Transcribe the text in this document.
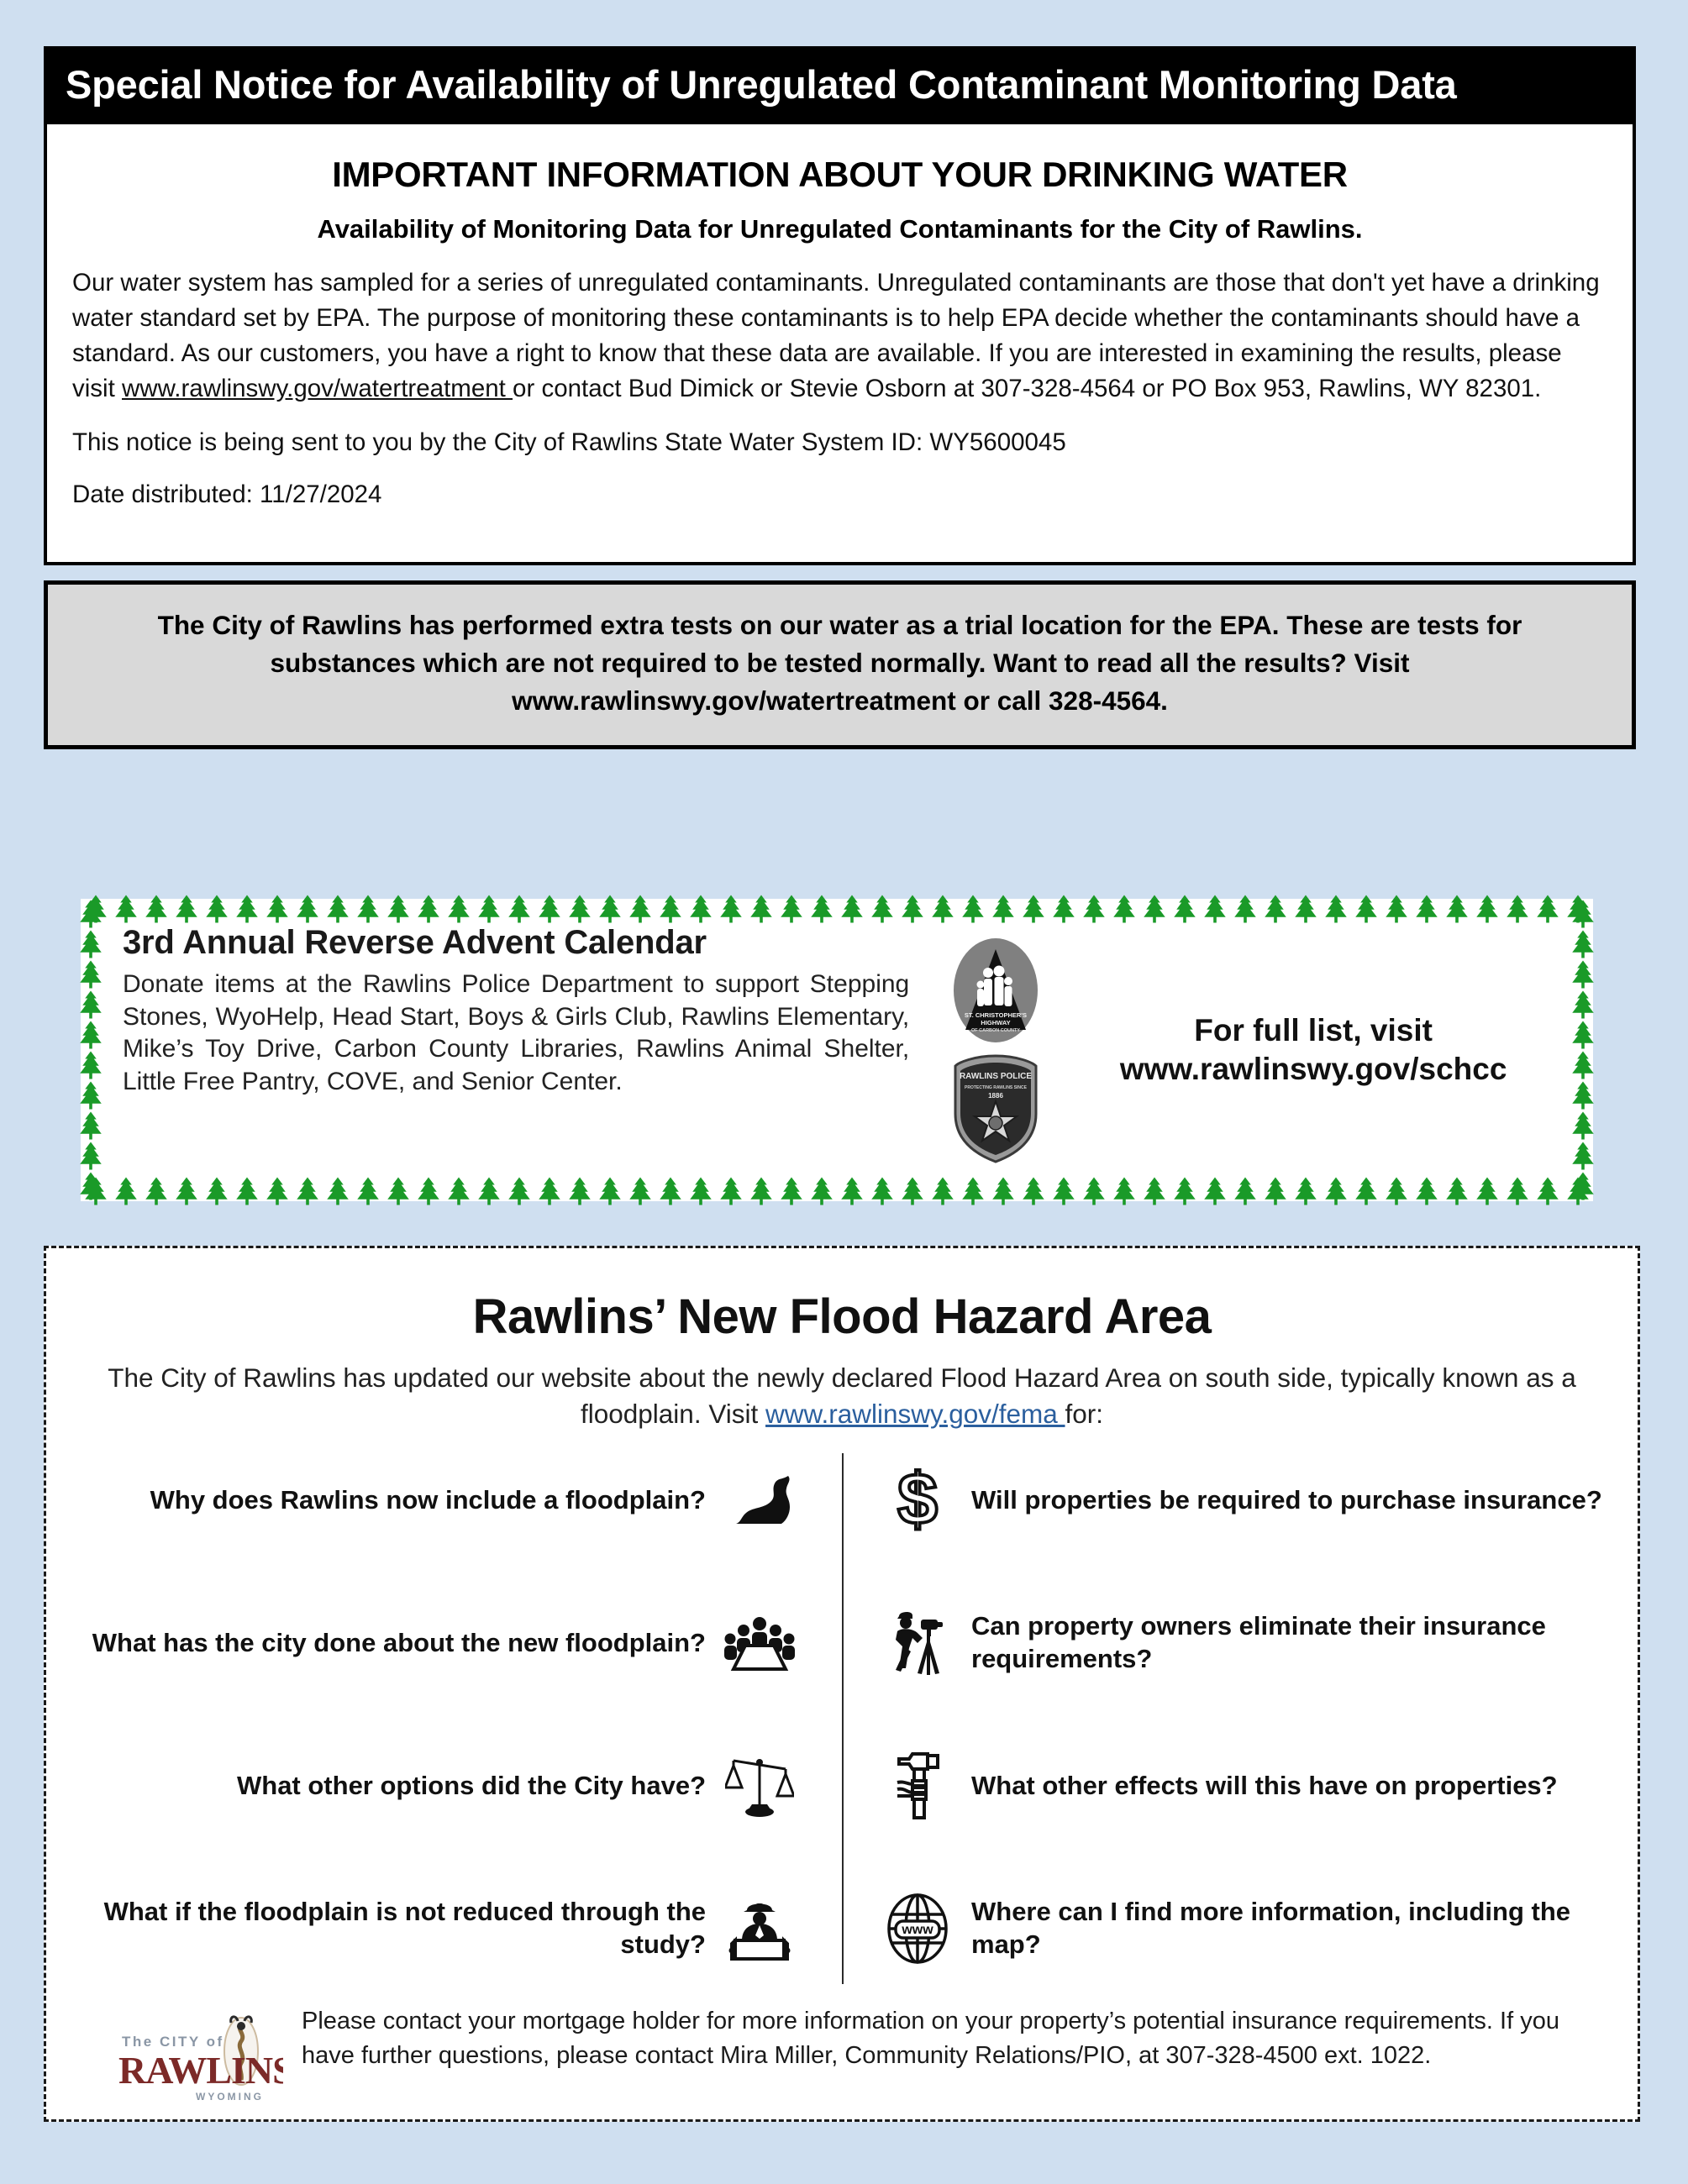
Special Notice for Availability of Unregulated Contaminant Monitoring Data
IMPORTANT INFORMATION ABOUT YOUR DRINKING WATER
Availability of Monitoring Data for Unregulated Contaminants for the City of Rawlins.

Our water system has sampled for a series of unregulated contaminants. Unregulated contaminants are those that don't yet have a drinking water standard set by EPA. The purpose of monitoring these contaminants is to help EPA decide whether the contaminants should have a standard. As our customers, you have a right to know that these data are available. If you are interested in examining the results, please visit www.rawlinswy.gov/watertreatment or contact Bud Dimick or Stevie Osborn at 307-328-4564 or PO Box 953, Rawlins, WY 82301.

This notice is being sent to you by the City of Rawlins State Water System ID: WY5600045

Date distributed: 11/27/2024

The City of Rawlins has performed extra tests on our water as a trial location for the EPA. These are tests for substances which are not required to be tested normally. Want to read all the results? Visit www.rawlinswy.gov/watertreatment or call 328-4564.
3rd Annual Reverse Advent Calendar

Donate items at the Rawlins Police Department to support Stepping Stones, WyoHelp, Head Start, Boys & Girls Club, Rawlins Elementary, Mike’s Toy Drive, Carbon County Libraries, Rawlins Animal Shelter, Little Free Pantry, COVE, and Senior Center.

ST. CHRISTOPHER'S
HIGHWAY
OF CARBON COUNTY
RAWLINS POLICE
PROTECTING RAWLINS SINCE
1886
For full list, visit
www.rawlinswy.gov/schcc
Rawlins’ New Flood Hazard Area

The City of Rawlins has updated our website about the newly declared Flood Hazard Area on south side, typically known as a floodplain. Visit www.rawlinswy.gov/fema for:

Why does Rawlins now include a floodplain?
What has the city done about the new floodplain?
What other options did the City have?
What if the floodplain is not reduced through the study?
$ Will properties be required to purchase insurance?
Can property owners eliminate their insurance requirements?
What other effects will this have on properties?
www
Where can I find more information, including the map?
The CITY of
RAWLINS
WYOMING
Please contact your mortgage holder for more information on your property’s potential insurance requirements. If you have further questions, please contact Mira Miller, Community Relations/PIO, at 307-328-4500 ext. 1022.
